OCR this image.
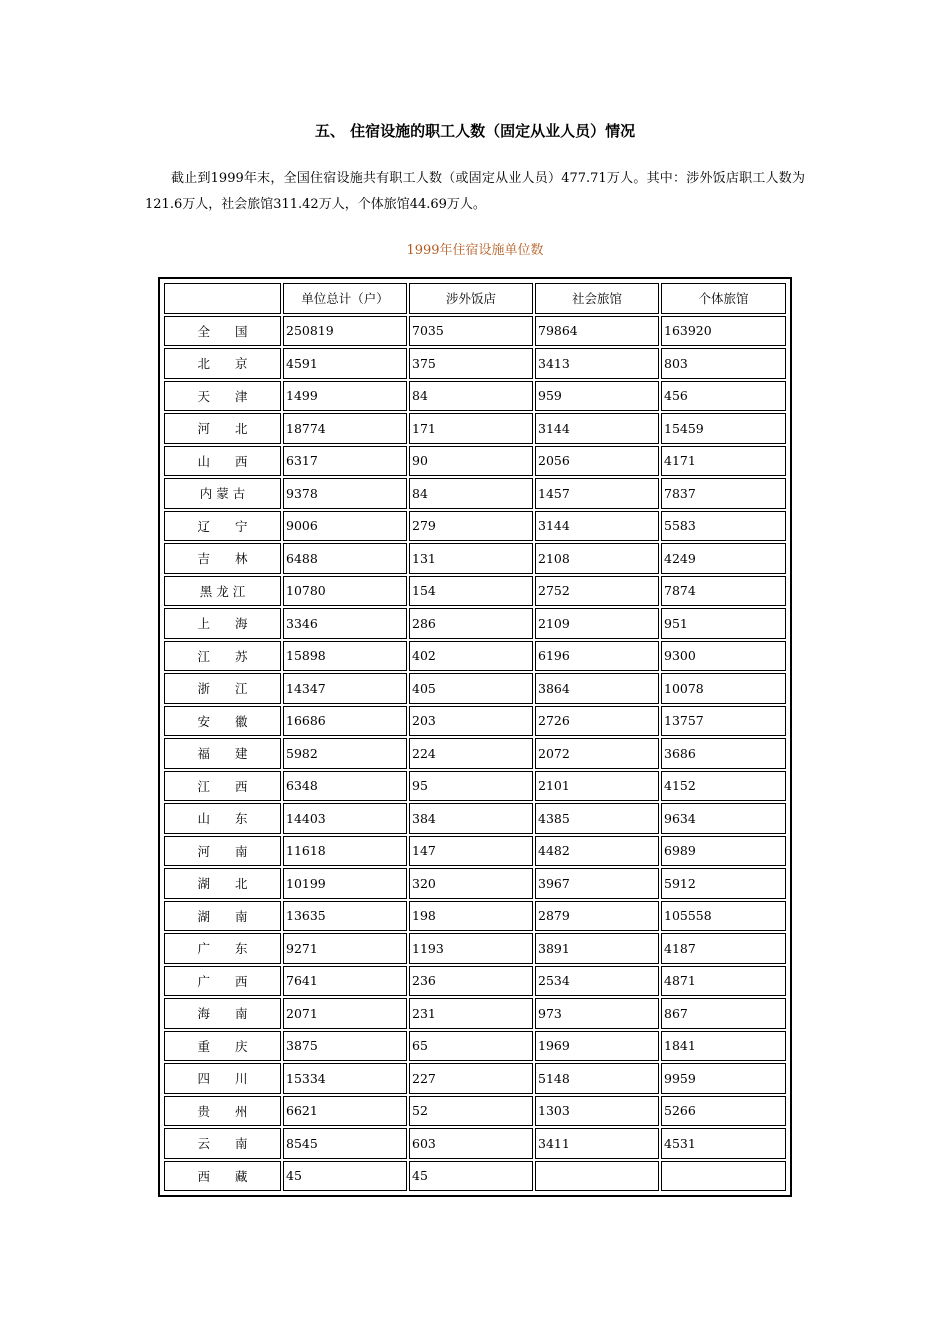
五、 住宿设施的职工人数（固定从业人员）情况
截止到1999年末，全国住宿设施共有职工人数（或固定从业人员）477.71万人。其中：涉外饭店职工人数为121.6万人，社会旅馆311.42万人，个体旅馆44.69万人。
1999年住宿设施单位数
	单位总计（户）	涉外饭店	社会旅馆	个体旅馆
全　　国	250819	7035	79864	163920
北　　京	4591	375	3413	803
天　　津	1499	84	959	456
河　　北	18774	171	3144	15459
山　　西	6317	90	2056	4171
内 蒙 古	9378	84	1457	7837
辽　　宁	9006	279	3144	5583
吉　　林	6488	131	2108	4249
黑 龙 江	10780	154	2752	7874
上　　海	3346	286	2109	951
江　　苏	15898	402	6196	9300
浙　　江	14347	405	3864	10078
安　　徽	16686	203	2726	13757
福　　建	5982	224	2072	3686
江　　西	6348	95	2101	4152
山　　东	14403	384	4385	9634
河　　南	11618	147	4482	6989
湖　　北	10199	320	3967	5912
湖　　南	13635	198	2879	105558
广　　东	9271	1193	3891	4187
广　　西	7641	236	2534	4871
海　　南	2071	231	973	867
重　　庆	3875	65	1969	1841
四　　川	15334	227	5148	9959
贵　　州	6621	52	1303	5266
云　　南	8545	603	3411	4531
西　　藏	45	45		
